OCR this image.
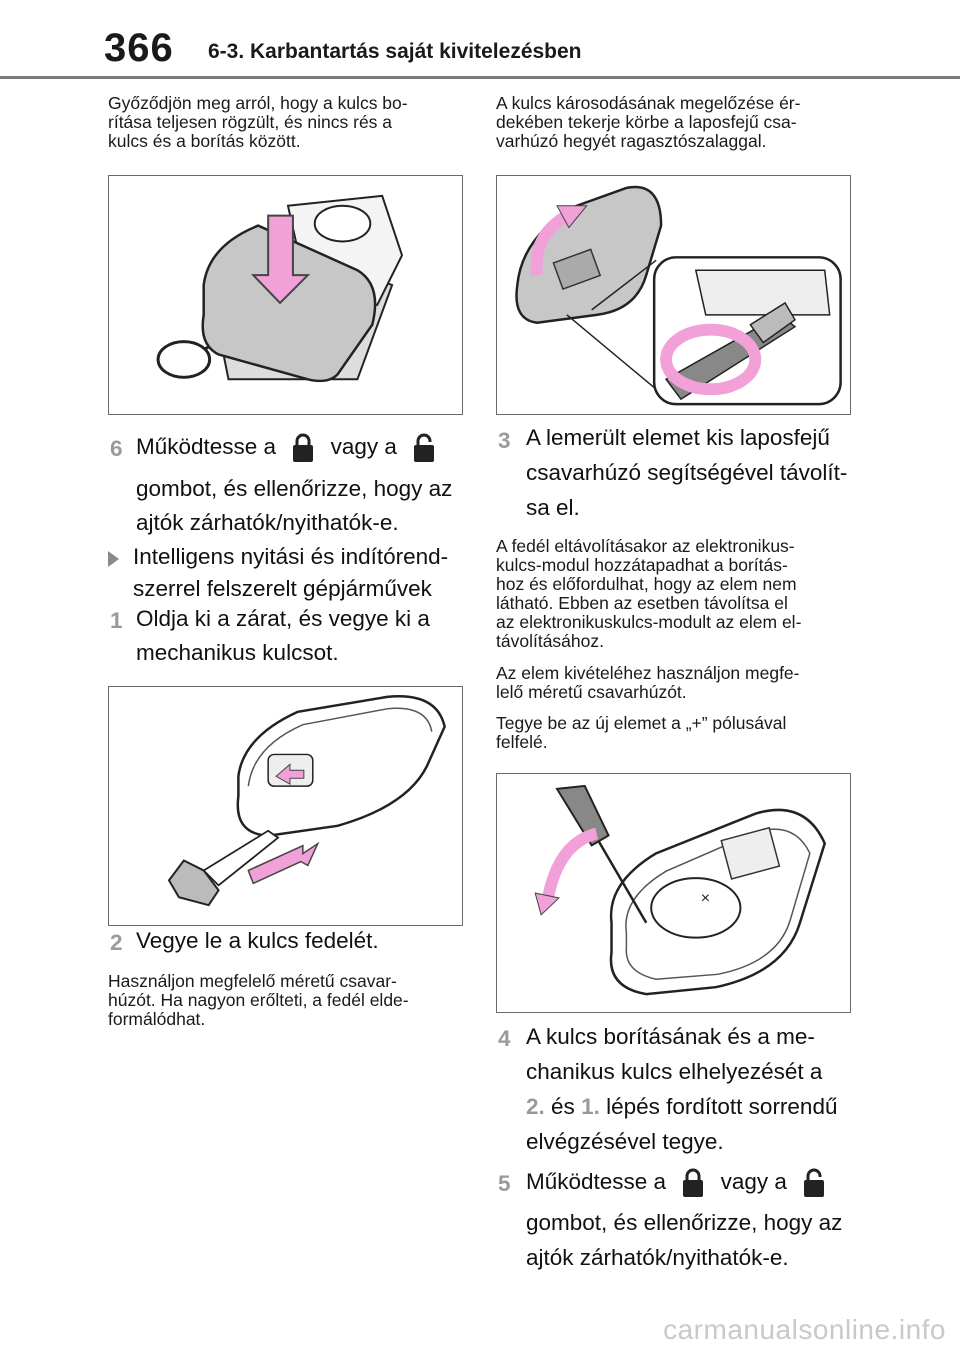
366 6-3. Karbantartás saját kivitelezésben
Győződjön meg arról, hogy a kulcs bo-
rítása teljesen rögzült, és nincs rés a
kulcs és a borítás között.
6 Működtesse a vagy a
gombot, és ellenőrizze, hogy az
ajtók zárhatók/nyithatók-e.
Intelligens nyitási és indítórend-
szerrel felszerelt gépjárművek
1 Oldja ki a zárat, és vegye ki a
mechanikus kulcsot.
2 Vegye le a kulcs fedelét.
Használjon megfelelő méretű csavar-
húzót. Ha nagyon erőlteti, a fedél elde-
formálódhat.
A kulcs károsodásának megelőzése ér-
dekében tekerje körbe a laposfejű csa-
varhúzó hegyét ragasztószalaggal.
3 A lemerült elemet kis laposfejű
csavarhúzó segítségével távolít-
sa el.
A fedél eltávolításakor az elektronikus-
kulcs-modul hozzátapadhat a borítás-
hoz és előfordulhat, hogy az elem nem
látható. Ebben az esetben távolítsa el
az elektronikuskulcs-modult az elem el-
távolításához.
Az elem kivételéhez használjon megfe-
lelő méretű csavarhúzót.
Tegye be az új elemet a „+” pólusával
felfelé.
×
4 A kulcs borításának és a me-
chanikus kulcs elhelyezését a
2. és 1. lépés fordított sorrendű
elvégzésével tegye.
5 Működtesse a vagy a
gombot, és ellenőrizze, hogy az
ajtók zárhatók/nyithatók-e.
carmanualsonline.info
